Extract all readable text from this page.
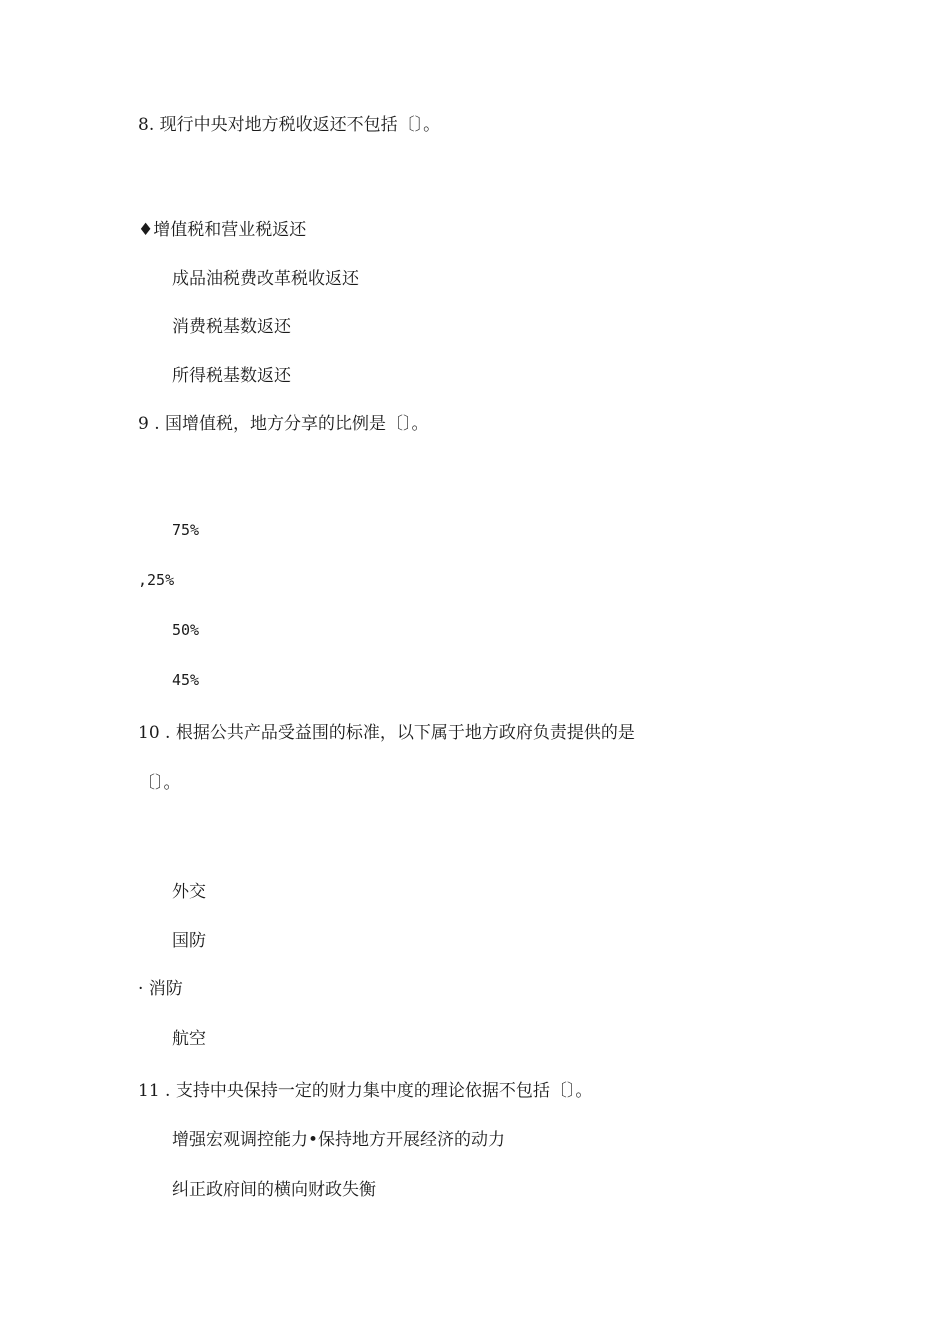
8. 现行中央对地方税收返还不包括〔〕。
♦增值税和营业税返还
成品油税费改革税收返还
消费税基数返还
所得税基数返还
9 . 国增值税，地方分享的比例是〔〕。
75%
,25%
50%
45%
10 . 根据公共产品受益围的标准，以下属于地方政府负责提供的是
〔〕。
外交
国防
· 消防
航空
11 . 支持中央保持一定的财力集中度的理论依据不包括〔〕。
增强宏观调控能力•保持地方开展经济的动力
纠正政府间的横向财政失衡
